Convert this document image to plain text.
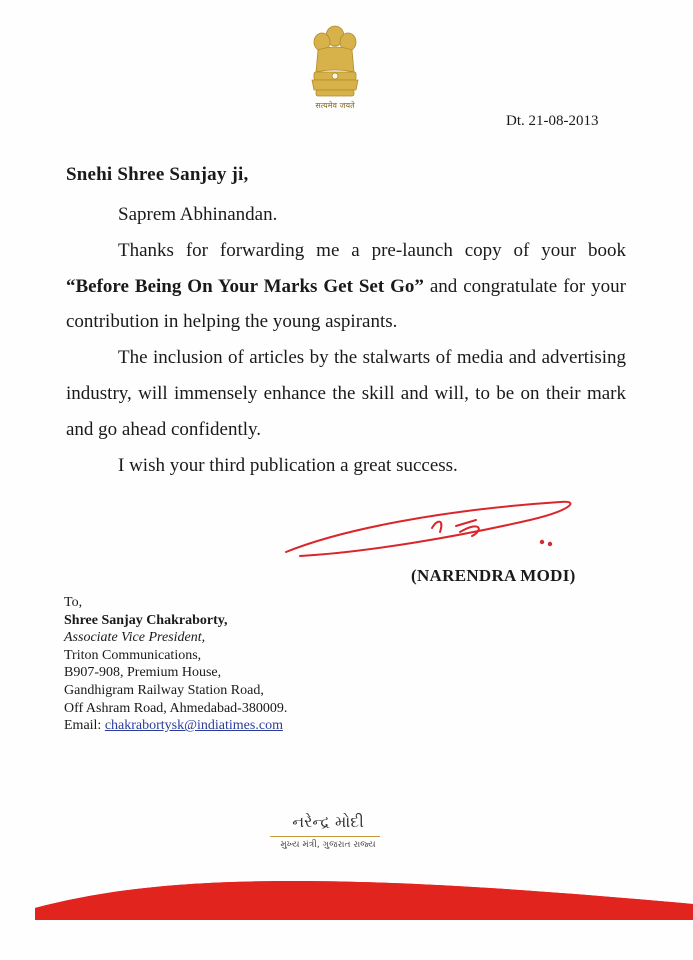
सत्यमेव जयते
Dt. 21-08-2013
Snehi Shree Sanjay ji,

Saprem Abhinandan.

Thanks for forwarding me a pre-launch copy of your book “Before Being On Your Marks Get Set Go” and congratulate for your contribution in helping the young aspirants.

The inclusion of articles by the stalwarts of media and advertising industry, will immensely enhance the skill and will, to be on their mark and go ahead confidently.

I wish your third publication a great success.

(NARENDRA MODI)
To,
Shree Sanjay Chakraborty,
Associate Vice President,
Triton Communications,
B907-908, Premium House,
Gandhigram Railway Station Road,
Off Ashram Road, Ahmedabad-380009.
Email: chakrabortysk@indiatimes.com
નરેન્દ્ર મોદી
મુખ્ય મંત્રી, ગુજરાત રાજ્ય
